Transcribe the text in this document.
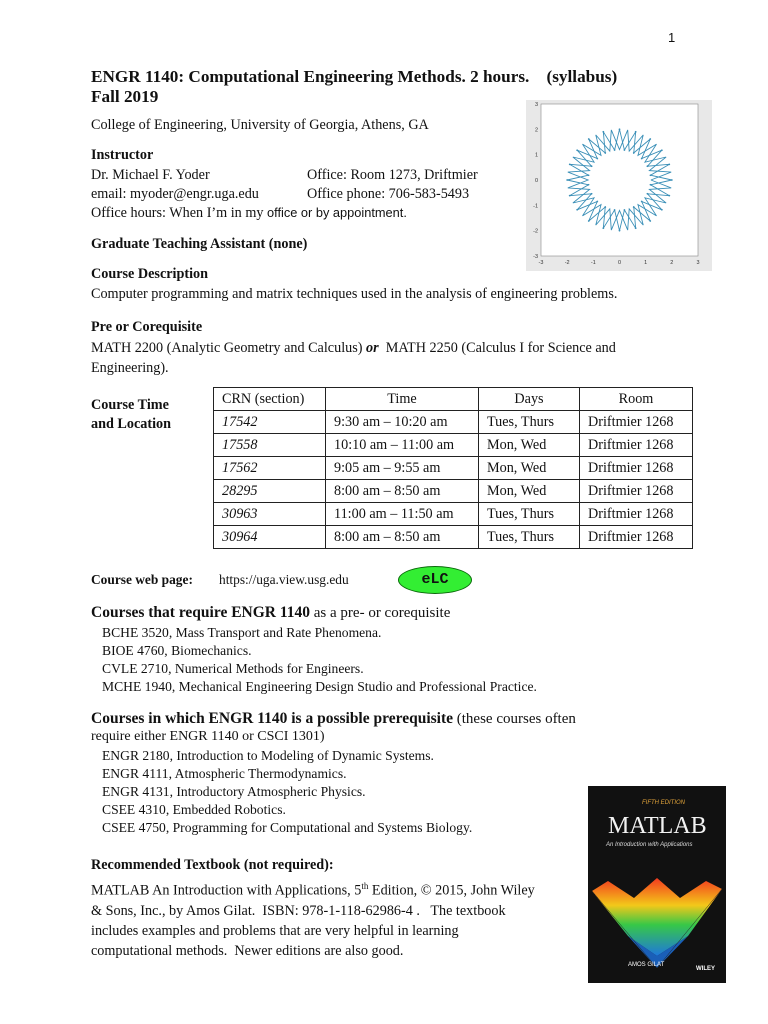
1
ENGR 1140: Computational Engineering Methods. 2 hours.    (syllabus)
Fall 2019
College of Engineering, University of Georgia, Athens, GA
-3	-2	-1	0	1	2	3
3
2
1
0
-1
-2
-3
Instructor
Dr. Michael F. Yoder	Office: Room 1273, Driftmier
email: myoder@engr.uga.edu	Office phone: 706-583-5493
Office hours: When I’m in my office or by appointment.
Graduate Teaching Assistant (none)
Course Description
Computer programming and matrix techniques used in the analysis of engineering problems.
Pre or Corequisite
MATH 2200 (Analytic Geometry and Calculus) or  MATH 2250 (Calculus I for Science and
Engineering).
Course Time
and Location
CRN (section)	Time	Days	Room
17542	9:30 am – 10:20 am	Tues, Thurs	Driftmier 1268
17558	10:10 am – 11:00 am	Mon, Wed	Driftmier 1268
17562	9:05 am – 9:55 am	Mon, Wed	Driftmier 1268
28295	8:00 am – 8:50 am	Mon, Wed	Driftmier 1268
30963	11:00 am – 11:50 am	Tues, Thurs	Driftmier 1268
30964	8:00 am – 8:50 am	Tues, Thurs	Driftmier 1268
Course web page: https://uga.view.usg.edu	eLC
Courses that require ENGR 1140 as a pre- or corequisite
BCHE 3520, Mass Transport and Rate Phenomena.
BIOE 4760, Biomechanics.
CVLE 2710, Numerical Methods for Engineers.
MCHE 1940, Mechanical Engineering Design Studio and Professional Practice.
Courses in which ENGR 1140 is a possible prerequisite (these courses often
require either ENGR 1140 or CSCI 1301)
ENGR 2180, Introduction to Modeling of Dynamic Systems.
ENGR 4111, Atmospheric Thermodynamics.
ENGR 4131, Introductory Atmospheric Physics.
CSEE 4310, Embedded Robotics.
CSEE 4750, Programming for Computational and Systems Biology.
Recommended Textbook (not required):
MATLAB An Introduction with Applications, 5th Edition, © 2015, John Wiley
& Sons, Inc., by Amos Gilat.  ISBN: 978-1-118-62986-4 .   The textbook
includes examples and problems that are very helpful in learning
computational methods.  Newer editions are also good.
FIFTH EDITION
MATLAB
An Introduction with Applications
AMOS GILAT
WILEY
